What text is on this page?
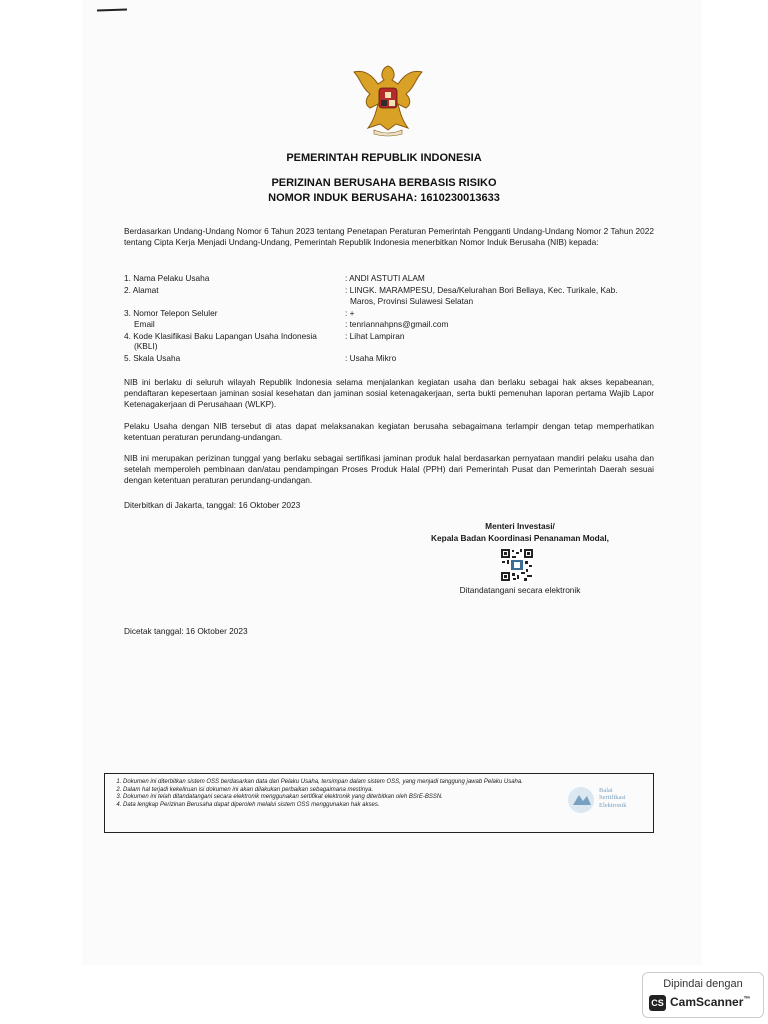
PEMERINTAH REPUBLIK INDONESIA
PERIZINAN BERUSAHA BERBASIS RISIKO
NOMOR INDUK BERUSAHA: 1610230013633
Berdasarkan Undang-Undang Nomor 6 Tahun 2023 tentang Penetapan Peraturan Pemerintah Pengganti Undang-Undang Nomor 2 Tahun 2022 tentang Cipta Kerja Menjadi Undang-Undang, Pemerintah Republik Indonesia menerbitkan Nomor Induk Berusaha (NIB) kepada:
1. Nama Pelaku Usaha	: ANDI ASTUTI ALAM
2. Alamat	: LINGK. MARAMPESU, Desa/Kelurahan Bori Bellaya, Kec. Turikale, Kab.
Maros, Provinsi Sulawesi Selatan
3. Nomor Telepon Seluler	: +
Email	: tenriannahpns@gmail.com
4. Kode Klasifikasi Baku Lapangan Usaha Indonesia
(KBLI)
: Lihat Lampiran
5. Skala Usaha	: Usaha Mikro
NIB ini berlaku di seluruh wilayah Republik Indonesia selama menjalankan kegiatan usaha dan berlaku sebagai hak akses kepabeanan, pendaftaran kepesertaan jaminan sosial kesehatan dan jaminan sosial ketenagakerjaan, serta bukti pemenuhan laporan pertama Wajib Lapor Ketenagakerjaan di Perusahaan (WLKP).
Pelaku Usaha dengan NIB tersebut di atas dapat melaksanakan kegiatan berusaha sebagaimana terlampir dengan tetap memperhatikan ketentuan peraturan perundang-undangan.
NIB ini merupakan perizinan tunggal yang berlaku sebagai sertifikasi jaminan produk halal berdasarkan pernyataan mandiri pelaku usaha dan setelah memperoleh pembinaan dan/atau pendampingan Proses Produk Halal (PPH) dari Pemerintah Pusat dan Pemerintah Daerah sesuai dengan ketentuan peraturan perundang-undangan.
Diterbitkan di Jakarta, tanggal: 16 Oktober 2023
Menteri Investasi/
Kepala Badan Koordinasi Penanaman Modal,
Ditandatangani secara elektronik
Dicetak tanggal: 16 Oktober 2023
1. Dokumen ini diterbitkan sistem OSS berdasarkan data dari Pelaku Usaha, tersimpan dalam sistem OSS, yang menjadi tanggung jawab Pelaku Usaha.
2. Dalam hal terjadi kekeliruan isi dokumen ini akan dilakukan perbaikan sebagaimana mestinya.
3. Dokumen ini telah ditandatangani secara elektronik menggunakan sertifikat elektronik yang diterbitkan oleh BSrE-BSSN.
4. Data lengkap Perizinan Berusaha dapat diperoleh melalui sistem OSS menggunakan hak akses.
Balai
Sertifikasi
Elektronik
Dipindai dengan
CS CamScanner™
